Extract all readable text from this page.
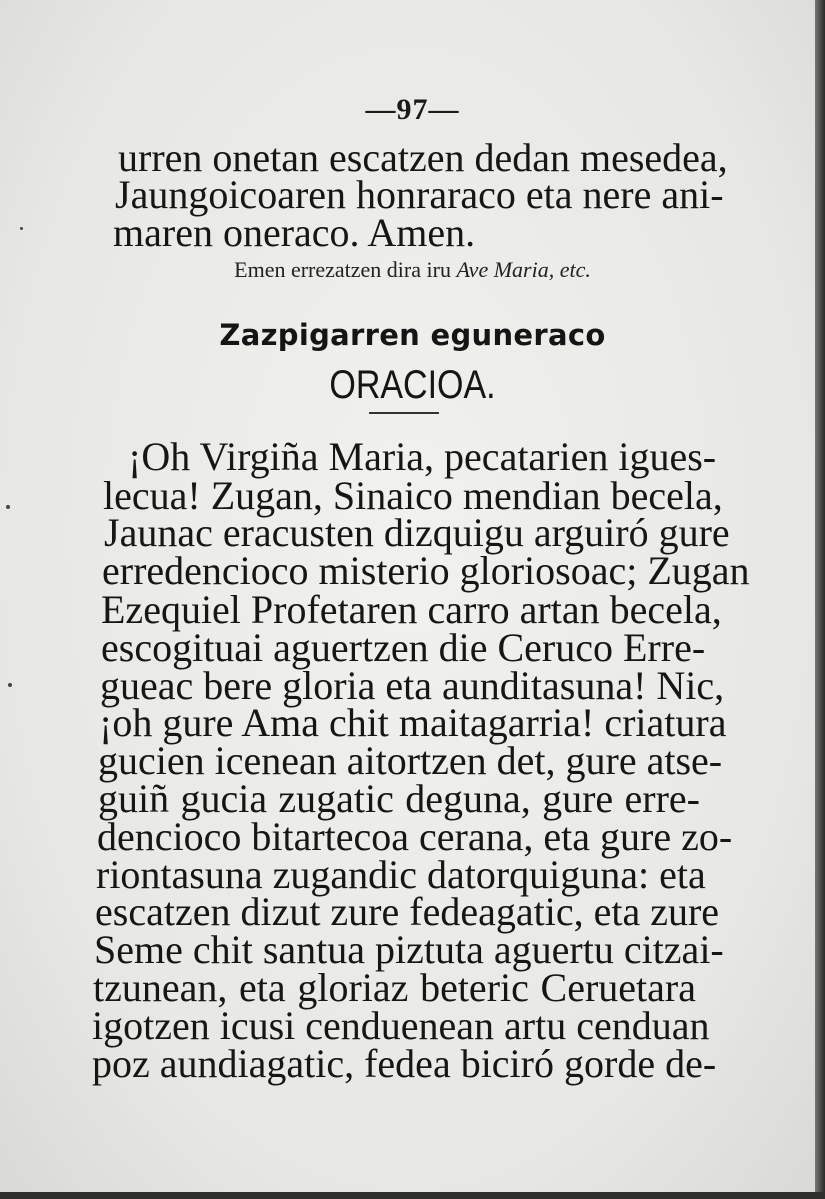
—97—
urren onetan escatzen dedan mesedea,
Jaungoicoaren honraraco eta nere ani-
maren oneraco. Amen.
Emen errezatzen dira iru Ave Maria, etc.
Zazpigarren eguneraco
ORACIOA.
¡Oh Virgiña Maria, pecatarien igues-
lecua! Zugan, Sinaico mendian becela,
Jaunac eracusten dizquigu arguiró gure
erredencioco misterio gloriosoac; Zugan
Ezequiel Profetaren carro artan becela,
escogituai aguertzen die Ceruco Erre-
gueac bere gloria eta aunditasuna! Nic,
¡oh gure Ama chit maitagarria! criatura
gucien icenean aitortzen det, gure atse-
guiñ gucia zugatic deguna, gure erre-
dencioco bitartecoa cerana, eta gure zo-
riontasuna zugandic datorquiguna: eta
escatzen dizut zure fedeagatic, eta zure
Seme chit santua piztuta aguertu citzai-
tzunean, eta gloriaz beteric Ceruetara
igotzen icusi cenduenean artu cenduan
poz aundiagatic, fedea biciró gorde de-
